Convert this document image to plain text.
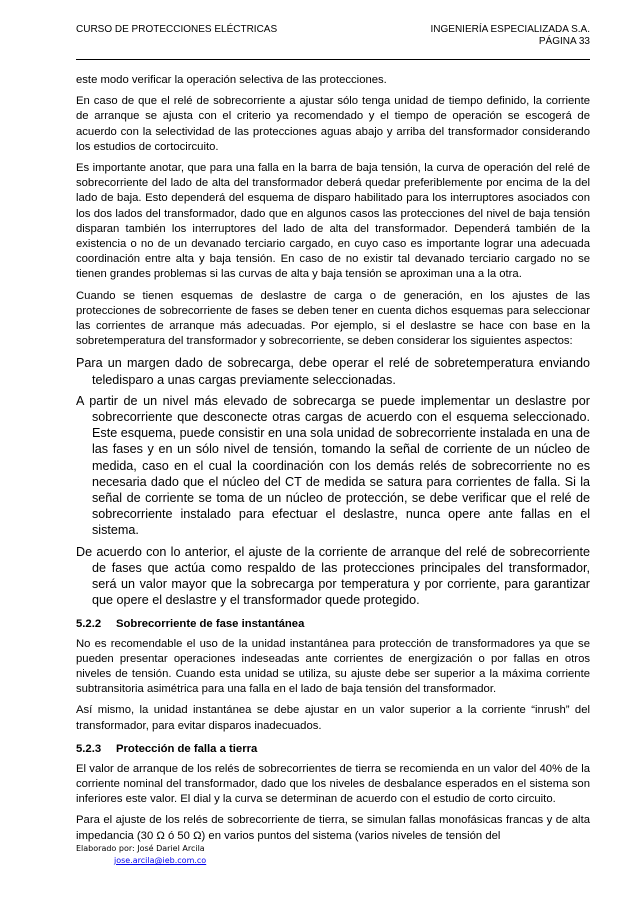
CURSO DE PROTECCIONES ELÉCTRICAS	INGENIERÍA ESPECIALIZADA S.A.
PÁGINA 33

este modo verificar la operación selectiva de las protecciones.

En caso de que el relé de sobrecorriente a ajustar sólo tenga unidad de tiempo definido, la corriente de arranque se ajusta con el criterio ya recomendado y el tiempo de operación se escogerá de acuerdo con la selectividad de las protecciones aguas abajo y arriba del transformador considerando los estudios de cortocircuito.

Es importante anotar, que para una falla en la barra de baja tensión, la curva de operación del relé de sobrecorriente del lado de alta del transformador deberá quedar preferiblemente por encima de la del lado de baja. Esto dependerá del esquema de disparo habilitado para los interruptores asociados con los dos lados del transformador, dado que en algunos casos las protecciones del nivel de baja tensión disparan también los interruptores del lado de alta del transformador. Dependerá también de la existencia o no de un devanado terciario cargado, en cuyo caso es importante lograr una adecuada coordinación entre alta y baja tensión. En caso de no existir tal devanado terciario cargado no se tienen grandes problemas si las curvas de alta y baja tensión se aproximan una a la otra.

Cuando se tienen esquemas de deslastre de carga o de generación, en los ajustes de las protecciones de sobrecorriente de fases se deben tener en cuenta dichos esquemas para seleccionar las corrientes de arranque más adecuadas. Por ejemplo, si el deslastre se hace con base en la sobretemperatura del transformador y sobrecorriente, se deben considerar los siguientes aspectos:

Para un margen dado de sobrecarga, debe operar el relé de sobretemperatura enviando teledisparo a unas cargas previamente seleccionadas.

A partir de un nivel más elevado de sobrecarga se puede implementar un deslastre por sobrecorriente que desconecte otras cargas de acuerdo con el esquema seleccionado. Este esquema, puede consistir en una sola unidad de sobrecorriente instalada en una de las fases y en un sólo nivel de tensión, tomando la señal de corriente de un núcleo de medida, caso en el cual la coordinación con los demás relés de sobrecorriente no es necesaria dado que el núcleo del CT de medida se satura para corrientes de falla. Si la señal de corriente se toma de un núcleo de protección, se debe verificar que el relé de sobrecorriente instalado para efectuar el deslastre, nunca opere ante fallas en el sistema.

De acuerdo con lo anterior, el ajuste de la corriente de arranque del relé de sobrecorriente de fases que actúa como respaldo de las protecciones principales del transformador, será un valor mayor que la sobrecarga por temperatura y por corriente, para garantizar que opere el deslastre y el transformador quede protegido.

5.2.2 Sobrecorriente de fase instantánea

No es recomendable el uso de la unidad instantánea para protección de transformadores ya que se pueden presentar operaciones indeseadas ante corrientes de energización o por fallas en otros niveles de tensión. Cuando esta unidad se utiliza, su ajuste debe ser superior a la máxima corriente subtransitoria asimétrica para una falla en el lado de baja tensión del transformador.

Así mismo, la unidad instantánea se debe ajustar en un valor superior a la corriente “inrush” del transformador, para evitar disparos inadecuados.

5.2.3 Protección de falla a tierra

El valor de arranque de los relés de sobrecorrientes de tierra se recomienda en un valor del 40% de la corriente nominal del transformador, dado que los niveles de desbalance esperados en el sistema son inferiores este valor. El dial y la curva se determinan de acuerdo con el estudio de corto circuito.

Para el ajuste de los relés de sobrecorriente de tierra, se simulan fallas monofásicas francas y de alta impedancia (30 Ω ó 50 Ω) en varios puntos del sistema (varios niveles de tensión del

Elaborado por: José Dariel Arcila
jose.arcila@ieb.com.co
